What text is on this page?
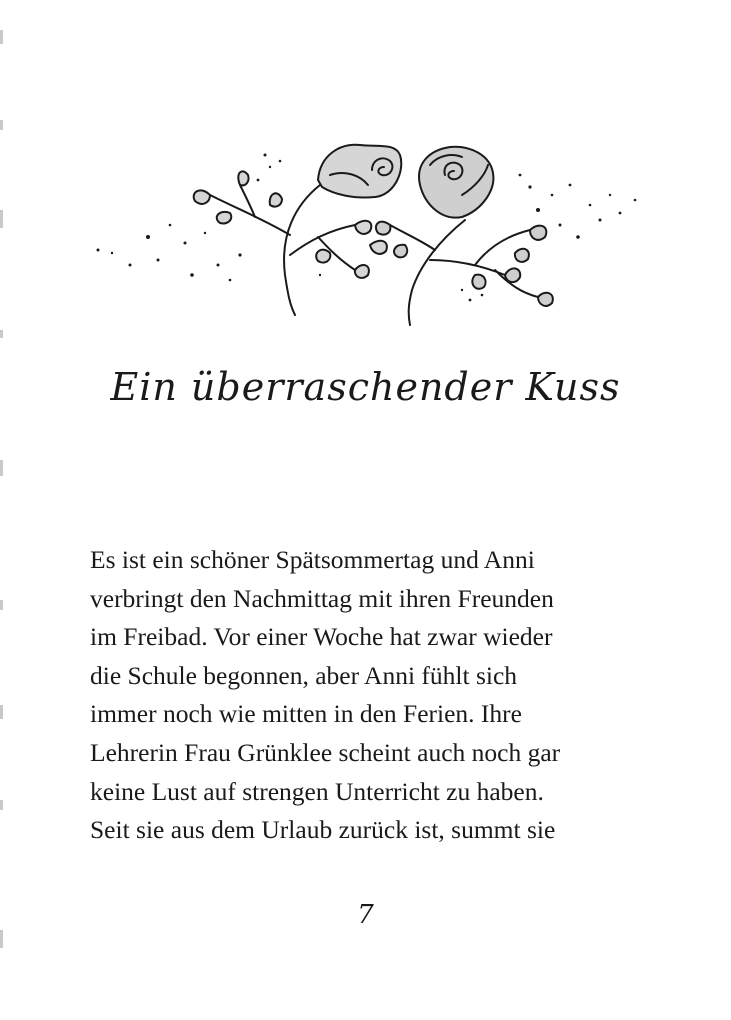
Ein überraschender Kuss
Es ist ein schöner Spätsommertag und Anni
verbringt den Nachmittag mit ihren Freunden
im Freibad. Vor einer Woche hat zwar wieder
die Schule begonnen, aber Anni fühlt sich
immer noch wie mitten in den Ferien. Ihre
Lehrerin Frau Grünklee scheint auch noch gar
keine Lust auf strengen Unterricht zu haben.
Seit sie aus dem Urlaub zurück ist, summt sie
7
